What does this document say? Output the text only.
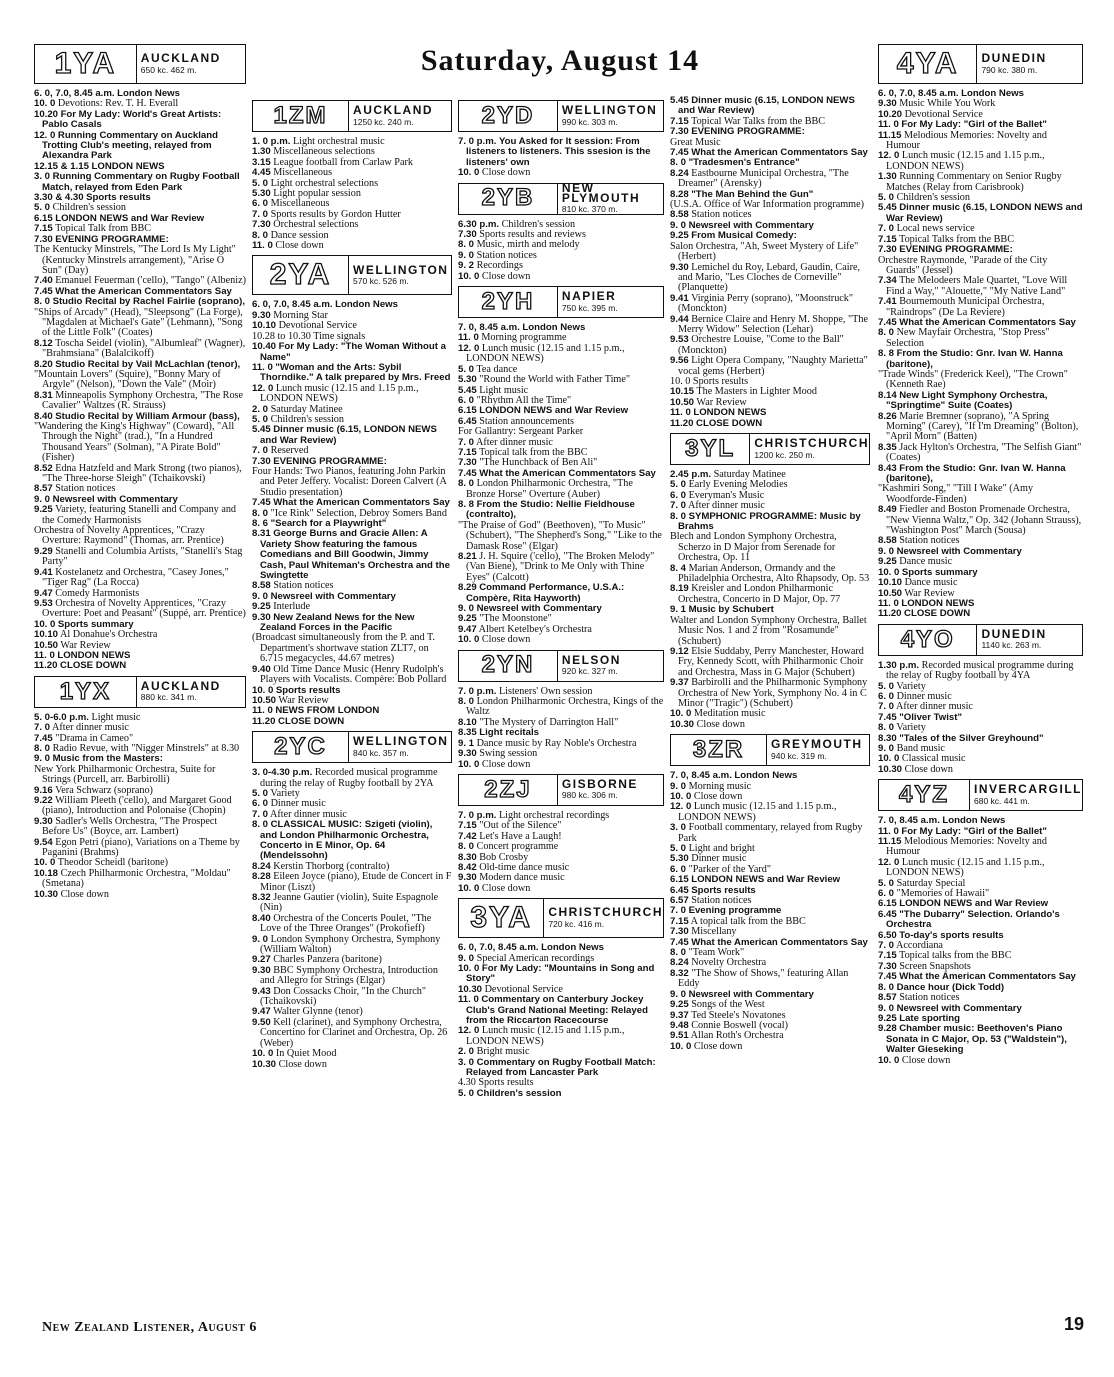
Saturday, August 14
1YA	AUCKLAND
650 kc. 462 m.
6. 0, 7.0, 8.45 a.m. London News
10. 0 Devotions: Rev. T. H. Everall
10.20 For My Lady: World's Great Artists: Pablo Casals
12. 0 Running Commentary on Auckland Trotting Club's meeting, relayed from Alexandra Park
12.15 & 1.15 LONDON NEWS
3. 0 Running Commentary on Rugby Football Match, relayed from Eden Park
3.30 & 4.30 Sports results
5. 0 Children's session
6.15 LONDON NEWS and War Review
7.15 Topical Talk from BBC
7.30 EVENING PROGRAMME:
The Kentucky Minstrels, "The Lord Is My Light" (Kentucky Minstrels arrangement), "Arise O Sun" (Day)
7.40 Emanuel Feuerman ('cello), "Tango" (Albeniz)
7.45 What the American Commentators Say
8. 0 Studio Recital by Rachel Fairlie (soprano),
"Ships of Arcady" (Head), "Sleepsong" (La Forge), "Magdalen at Michael's Gate" (Lehmann), "Song of the Little Folk" (Coates)
8.12 Toscha Seidel (violin), "Albumleaf" (Wagner), "Brahmsiana" (Balalcikoff)
8.20 Studio Recital by Vail McLachlan (tenor),
"Mountain Lovers" (Squire), "Bonny Mary of Argyle" (Nelson), "Down the Vale" (Moir)
8.31 Minneapolis Symphony Orchestra, "The Rose Cavalier" Waltzes (R. Strauss)
8.40 Studio Recital by William Armour (bass),
"Wandering the King's Highway" (Coward), "All Through the Night" (trad.), "In a Hundred Thousand Years" (Solman), "A Pirate Bold" (Fisher)
8.52 Edna Hatzfeld and Mark Strong (two pianos), "The Three-horse Sleigh" (Tchaikovski)
8.57 Station notices
9. 0 Newsreel with Commentary
9.25 Variety, featuring Stanelli and Company and the Comedy Harmonists
Orchestra of Novelty Apprentices, "Crazy Overture: Raymond" (Thomas, arr. Prentice)
9.29 Stanelli and Columbia Artists, "Stanelli's Stag Party"
9.41 Kostelanetz and Orchestra, "Casey Jones," "Tiger Rag" (La Rocca)
9.47 Comedy Harmonists
9.53 Orchestra of Novelty Apprentices, "Crazy Overture: Poet and Peasant" (Suppé, arr. Prentice)
10. 0 Sports summary
10.10 Al Donahue's Orchestra
10.50 War Review
11. 0 LONDON NEWS
11.20 CLOSE DOWN
1YX	AUCKLAND
880 kc. 341 m.
5. 0-6.0 p.m. Light music
7. 0 After dinner music
7.45 "Drama in Cameo"
8. 0 Radio Revue, with "Nigger Minstrels" at 8.30
9. 0 Music from the Masters:
New York Philharmonic Orchestra, Suite for Strings (Purcell, arr. Barbirolli)
9.16 Vera Schwarz (soprano)
9.22 William Pleeth ('cello), and Margaret Good (piano), Introduction and Polonaise (Chopin)
9.30 Sadler's Wells Orchestra, "The Prospect Before Us" (Boyce, arr. Lambert)
9.54 Egon Petri (piano), Variations on a Theme by Paganini (Brahms)
10. 0 Theodor Scheidl (baritone)
10.18 Czech Philharmonic Orchestra, "Moldau" (Smetana)
10.30 Close down
1ZM	AUCKLAND
1250 kc. 240 m.
1. 0 p.m. Light orchestral music
1.30 Miscellaneous selections
3.15 League football from Carlaw Park
4.45 Miscellaneous
5. 0 Light orchestral selections
5.30 Light popular session
6. 0 Miscellaneous
7. 0 Sports results by Gordon Hutter
7.30 Orchestral selections
8. 0 Dance session
11. 0 Close down
2YA	WELLINGTON
570 kc. 526 m.
6. 0, 7.0, 8.45 a.m. London News
9.30 Morning Star
10.10 Devotional Service
10.28 to 10.30 Time signals
10.40 For My Lady: "The Woman Without a Name"
11. 0 "Woman and the Arts: Sybil Thorndike." A talk prepared by Mrs. Freed
12. 0 Lunch music (12.15 and 1.15 p.m., LONDON NEWS)
2. 0 Saturday Matinee
5. 0 Children's session
5.45 Dinner music (6.15, LONDON NEWS and War Review)
7. 0 Reserved
7.30 EVENING PROGRAMME:
Four Hands: Two Pianos, featuring John Parkin and Peter Jeffery. Vocalist: Doreen Calvert (A Studio presentation)
7.45 What the American Commentators Say
8. 0 "Ice Rink" Selection, Debroy Somers Band
8. 6 "Search for a Playwright"
8.31 George Burns and Gracie Allen: A Variety Show featuring the famous Comedians and Bill Goodwin, Jimmy Cash, Paul Whiteman's Orchestra and the Swingtette
8.58 Station notices
9. 0 Newsreel with Commentary
9.25 Interlude
9.30 New Zealand News for the New Zealand Forces in the Pacific
(Broadcast simultaneously from the P. and T. Department's shortwave station ZLT7, on 6.715 megacycles, 44.67 metres)
9.40 Old Time Dance Music (Henry Rudolph's Players with Vocalists. Compère: Bob Pollard
10. 0 Sports results
10.50 War Review
11. 0 NEWS FROM LONDON
11.20 CLOSE DOWN
2YC	WELLINGTON
840 kc. 357 m.
3. 0-4.30 p.m. Recorded musical programme during the relay of Rugby football by 2YA
5. 0 Variety
6. 0 Dinner music
7. 0 After dinner music
8. 0 CLASSICAL MUSIC: Szigeti (violin), and London Philharmonic Orchestra, Concerto in E Minor, Op. 64 (Mendelssohn)
8.24 Kerstin Thorborg (contralto)
8.28 Eileen Joyce (piano), Etude de Concert in F Minor (Liszt)
8.32 Jeanne Gautier (violin), Suite Espagnole (Nin)
8.40 Orchestra of the Concerts Poulet, "The Love of the Three Oranges" (Prokofieff)
9. 0 London Symphony Orchestra, Symphony (William Walton)
9.27 Charles Panzera (baritone)
9.30 BBC Symphony Orchestra, Introduction and Allegro for Strings (Elgar)
9.43 Don Cossacks Choir, "In the Church" (Tchaikovski)
9.47 Walter Glynne (tenor)
9.50 Kell (clarinet), and Symphony Orchestra, Concertino for Clarinet and Orchestra, Op. 26 (Weber)
10. 0 In Quiet Mood
10.30 Close down
2YD	WELLINGTON
990 kc. 303 m.
7. 0 p.m. You Asked for It session: From listeners to listeners. This ssesion is the listeners' own
10. 0 Close down
2YB	NEW PLYMOUTH
810 kc. 370 m.
6.30 p.m. Children's session
7.30 Sports results and reviews
8. 0 Music, mirth and melody
9. 0 Station notices
9. 2 Recordings
10. 0 Close down
2YH	NAPIER
750 kc. 395 m.
7. 0, 8.45 a.m. London News
11. 0 Morning programme
12. 0 Lunch music (12.15 and 1.15 p.m., LONDON NEWS)
5. 0 Tea dance
5.30 "Round the World with Father Time"
5.45 Light music
6. 0 "Rhythm All the Time"
6.15 LONDON NEWS and War Review
6.45 Station announcements
For Gallantry: Sergeant Parker
7. 0 After dinner music
7.15 Topical talk from the BBC
7.30 "The Hunchback of Ben Ali"
7.45 What the American Commentators Say
8. 0 London Philharmonic Orchestra, "The Bronze Horse" Overture (Auber)
8. 8 From the Studio: Nellie Fieldhouse (contralto),
"The Praise of God" (Beethoven), "To Music" (Schubert), "The Shepherd's Song," "Like to the Damask Rose" (Elgar)
8.21 J. H. Squire ('cello), "The Broken Melody" (Van Biene), "Drink to Me Only with Thine Eyes" (Calcott)
8.29 Command Performance, U.S.A.: Compère, Rita Hayworth)
9. 0 Newsreel with Commentary
9.25 "The Moonstone"
9.47 Albert Ketelbey's Orchestra
10. 0 Close down
2YN	NELSON
920 kc. 327 m.
7. 0 p.m. Listeners' Own session
8. 0 London Philharmonic Orchestra, Kings of the Waltz
8.10 "The Mystery of Darrington Hall"
8.35 Light recitals
9. 1 Dance music by Ray Noble's Orchestra
9.30 Swing session
10. 0 Close down
2ZJ	GISBORNE
980 kc. 306 m.
7. 0 p.m. Light orchestral recordings
7.15 "Out of the Silence"
7.42 Let's Have a Laugh!
8. 0 Concert programme
8.30 Bob Crosby
8.42 Old-time dance music
9.30 Modern dance music
10. 0 Close down
3YA	CHRISTCHURCH
720 kc. 416 m.
6. 0, 7.0, 8.45 a.m. London News
9. 0 Special American recordings
10. 0 For My Lady: "Mountains in Song and Story"
10.30 Devotional Service
11. 0 Commentary on Canterbury Jockey Club's Grand National Meeting: Relayed from the Riccarton Racecourse
12. 0 Lunch music (12.15 and 1.15 p.m., LONDON NEWS)
2. 0 Bright music
3. 0 Commentary on Rugby Football Match: Relayed from Lancaster Park
4.30 Sports results
5. 0 Children's session
5.45 Dinner music (6.15, LONDON NEWS and War Review)
7.15 Topical War Talks from the BBC
7.30 EVENING PROGRAMME:
Great Music
7.45 What the American Commentators Say
8. 0 "Tradesmen's Entrance"
8.24 Eastbourne Municipal Orchestra, "The Dreamer" (Arensky)
8.28 "The Man Behind the Gun"
(U.S.A. Office of War Information programme)
8.58 Station notices
9. 0 Newsreel with Commentary
9.25 From Musical Comedy:
Salon Orchestra, "Ah, Sweet Mystery of Life" (Herbert)
9.30 Lemichel du Roy, Lebard, Gaudin, Caire, and Mario, "Les Cloches de Corneville" (Planquette)
9.41 Virginia Perry (soprano), "Moonstruck" (Monckton)
9.44 Bernice Claire and Henry M. Shoppe, "The Merry Widow" Selection (Lehar)
9.53 Orchestre Louise, "Come to the Ball" (Monckton)
9.56 Light Opera Company, "Naughty Marietta" vocal gems (Herbert)
10. 0 Sports results
10.15 The Masters in Lighter Mood
10.50 War Review
11. 0 LONDON NEWS
11.20 CLOSE DOWN
3YL	CHRISTCHURCH
1200 kc. 250 m.
2.45 p.m. Saturday Matinee
5. 0 Early Evening Melodies
6. 0 Everyman's Music
7. 0 After dinner music
8. 0 SYMPHONIC PROGRAMME: Music by Brahms
Blech and London Symphony Orchestra, Scherzo in D Major from Serenade for Orchestra, Op. 11
8. 4 Marian Anderson, Ormandy and the Philadelphia Orchestra, Alto Rhapsody, Op. 53
8.19 Kreisler and London Philharmonic Orchestra, Concerto in D Major, Op. 77
9. 1 Music by Schubert
Walter and London Symphony Orchestra, Ballet Music Nos. 1 and 2 from "Rosamunde" (Schubert)
9.12 Elsie Suddaby, Perry Manchester, Howard Fry, Kennedy Scott, with Philharmonic Choir and Orchestra, Mass in G Major (Schubert)
9.37 Barbirolli and the Philharmonic Symphony Orchestra of New York, Symphony No. 4 in C Minor ("Tragic") (Schubert)
10. 0 Meditation music
10.30 Close down
3ZR	GREYMOUTH
940 kc. 319 m.
7. 0, 8.45 a.m. London News
9. 0 Morning music
10. 0 Close down
12. 0 Lunch music (12.15 and 1.15 p.m., LONDON NEWS)
3. 0 Football commentary, relayed from Rugby Park
5. 0 Light and bright
5.30 Dinner music
6. 0 "Parker of the Yard"
6.15 LONDON NEWS and War Review
6.45 Sports results
6.57 Station notices
7. 0 Evening programme
7.15 A topical talk from the BBC
7.30 Miscellany
7.45 What the American Commentators Say
8. 0 "Team Work"
8.24 Novelty Orchestra
8.32 "The Show of Shows," featuring Allan Eddy
9. 0 Newsreel with Commentary
9.25 Songs of the West
9.37 Ted Steele's Novatones
9.48 Connie Boswell (vocal)
9.51 Allan Roth's Orchestra
10. 0 Close down
4YA	DUNEDIN
790 kc. 380 m.
6. 0, 7.0, 8.45 a.m. London News
9.30 Music While You Work
10.20 Devotional Service
11. 0 For My Lady: "Girl of the Ballet"
11.15 Melodious Memories: Novelty and Humour
12. 0 Lunch music (12.15 and 1.15 p.m., LONDON NEWS)
1.30 Running Commentary on Senior Rugby Matches (Relay from Carisbrook)
5. 0 Children's session
5.45 Dinner music (6.15, LONDON NEWS and War Review)
7. 0 Local news service
7.15 Topical Talks from the BBC
7.30 EVENING PROGRAMME:
Orchestre Raymonde, "Parade of the City Guards" (Jessel)
7.34 The Melodeers Male Quartet, "Love Will Find a Way," "Alouette," "My Native Land"
7.41 Bournemouth Municipal Orchestra, "Raindrops" (De La Reviere)
7.45 What the American Commentators Say
8. 0 New Mayfair Orchestra, "Stop Press" Selection
8. 8 From the Studio: Gnr. Ivan W. Hanna (baritone),
"Trade Winds" (Frederick Keel), "The Crown" (Kenneth Rae)
8.14 New Light Symphony Orchestra, "Springtime" Suite (Coates)
8.26 Marie Bremner (soprano), "A Spring Morning" (Carey), "If I'm Dreaming" (Bolton), "April Morn" (Batten)
8.35 Jack Hylton's Orchestra, "The Selfish Giant" (Coates)
8.43 From the Studio: Gnr. Ivan W. Hanna (baritone),
"Kashmiri Song," "Till I Wake" (Amy Woodforde-Finden)
8.49 Fiedler and Boston Promenade Orchestra, "New Vienna Waltz," Op. 342 (Johann Strauss), "Washington Post" March (Sousa)
8.58 Station notices
9. 0 Newsreel with Commentary
9.25 Dance music
10. 0 Sports summary
10.10 Dance music
10.50 War Review
11. 0 LONDON NEWS
11.20 CLOSE DOWN
4YO	DUNEDIN
1140 kc. 263 m.
1.30 p.m. Recorded musical programme during the relay of Rugby football by 4YA
5. 0 Variety
6. 0 Dinner music
7. 0 After dinner music
7.45 "Oliver Twist"
8. 0 Variety
8.30 "Tales of the Silver Greyhound"
9. 0 Band music
10. 0 Classical music
10.30 Close down
4YZ	INVERCARGILL
680 kc. 441 m.
7. 0, 8.45 a.m. London News
11. 0 For My Lady: "Girl of the Ballet"
11.15 Melodious Memories: Novelty and Humour
12. 0 Lunch music (12.15 and 1.15 p.m., LONDON NEWS)
5. 0 Saturday Special
6. 0 "Memories of Hawaii"
6.15 LONDON NEWS and War Review
6.45 "The Dubarry" Selection. Orlando's Orchestra
6.50 To-day's sports results
7. 0 Accordiana
7.15 Topical talks from the BBC
7.30 Screen Snapshots
7.45 What the American Commentators Say
8. 0 Dance hour (Dick Todd)
8.57 Station notices
9. 0 Newsreel with Commentary
9.25 Late sporting
9.28 Chamber music: Beethoven's Piano Sonata in C Major, Op. 53 ("Waldstein"), Walter Gieseking
10. 0 Close down
New Zealand Listener, August 6	19
